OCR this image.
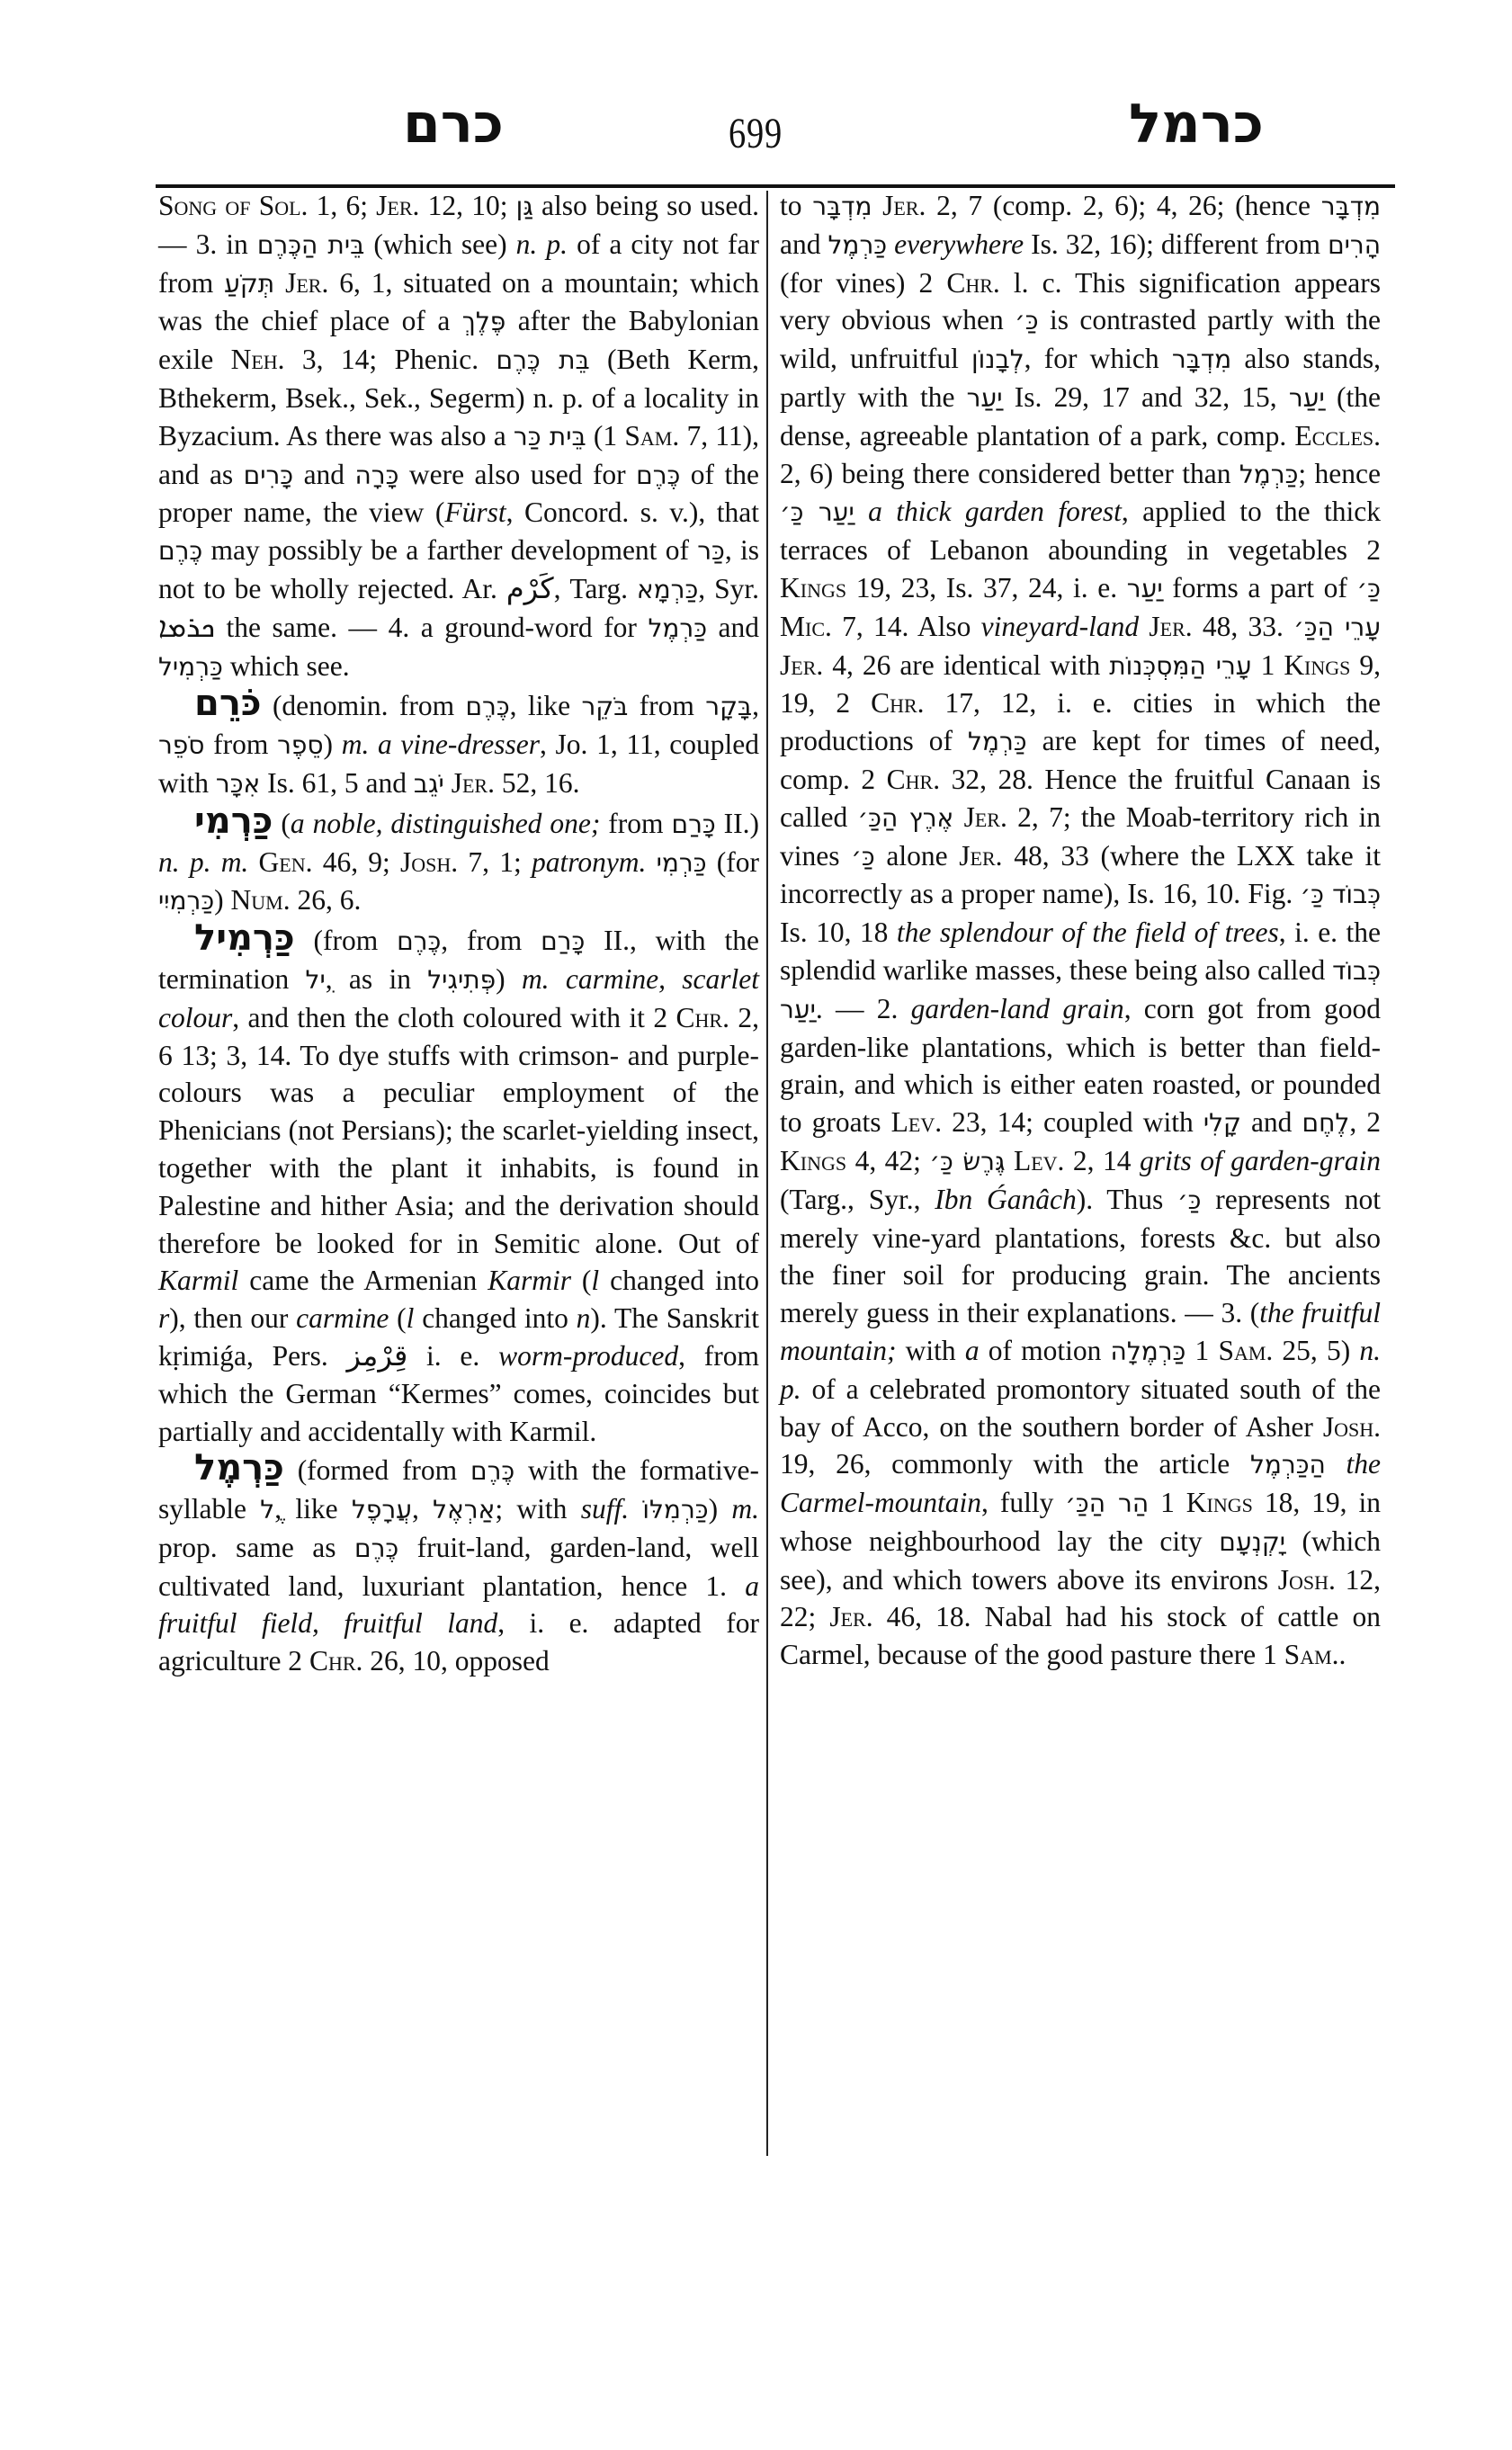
כרם	699	כרמל

Song of Sol. 1, 6; Jer. 12, 10; גַּן also being so used. — 3. in בֵּית הַכֶּרֶם (which see) n. p. of a city not far from תְּקֹעַ Jer. 6, 1, situated on a mountain; which was the chief place of a פֶּלֶךְ after the Babylonian exile Neh. 3, 14; Phenic. בֵּת כֶּרֶם (Beth Kerm, Bthekerm, Bsek., Sek., Segerm) n. p. of a locality in Byzacium. As there was also a בֵּית כַּר (1 Sam. 7, 11), and as כָּרִים and כָּרָה were also used for כֶּרֶם of the proper name, the view (Fürst, Concord. s. v.), that כֶּרֶם may possibly be a farther development of כַּר, is not to be wholly rejected. Ar. كَرْم, Targ. כַּרְמָא, Syr. ܟܪܡܐ the same. — 4. a ground-word for כַּרְמֶל and כַּרְמִיל which see.

כֹּרֵם (denomin. from כֶּרֶם, like בֹּקֵר from בָּקָר, סֹפֵר from סֵפֶר) m. a vine-dresser, Jo. 1, 11, coupled with אִכָּר Is. 61, 5 and יֹגֵב Jer. 52, 16.

כַּרְמִי (a noble, distinguished one; from כָּרַם II.) n. p. m. Gen. 46, 9; Josh. 7, 1; patronym. כַּרְמִי (for כַּרְמִיִי) Num. 26, 6.

כַּרְמִיל (from כֶּרֶם, from כָּרַם II., with the termination ִיל, as in פְּתִיגִיל) m. carmine, scarlet colour, and then the cloth coloured with it 2 Chr. 2, 6 13; 3, 14. To dye stuffs with crimson- and purple-colours was a peculiar employment of the Phenicians (not Persians); the scarlet-yielding insect, together with the plant it inhabits, is found in Palestine and hither Asia; and the derivation should therefore be looked for in Semitic alone. Out of Karmil came the Armenian Karmir (l changed into r), then our carmine (l changed into n). The Sanskrit kṛimiǵa, Pers. قِرْمِز i. e. worm-produced, from which the German “Kermes” comes, coincides but partially and accidentally with Karmil.

כַּרְמֶל (formed from כֶּרֶם with the formative-syllable ֶל, like עֲרָפֶל, אַרְאֶל; with suff. כַּרְמִלּוֹ) m. prop. same as כֶּרֶם fruit-land, garden-land, well cultivated land, luxuriant plantation, hence 1. a fruitful field, fruitful land, i. e. adapted for agriculture 2 Chr. 26, 10, opposed

to מִדְבָּר Jer. 2, 7 (comp. 2, 6); 4, 26; (hence מִדְבָּר and כַּרְמֶל everywhere Is. 32, 16); different from הָרִים (for vines) 2 Chr. l. c. This signification appears very obvious when כַּ׳ is contrasted partly with the wild, unfruitful לְבָנוֹן, for which מִדְבָּר also stands, partly with the יַעַר Is. 29, 17 and 32, 15, יַעַר (the dense, agreeable plantation of a park, comp. Eccles. 2, 6) being there considered better than כַּרְמֶל; hence יַעַר כַּ׳ a thick garden forest, applied to the thick terraces of Lebanon abounding in vegetables 2 Kings 19, 23, Is. 37, 24, i. e. יַעַר forms a part of כַּ׳ Mic. 7, 14. Also vineyard-land Jer. 48, 33. עָרֵי הַכַּ׳ Jer. 4, 26 are identical with עָרֵי הַמִּסְכְּנוֹת 1 Kings 9, 19, 2 Chr. 17, 12, i. e. cities in which the productions of כַּרְמֶל are kept for times of need, comp. 2 Chr. 32, 28. Hence the fruitful Canaan is called אֶרֶץ הַכַּ׳ Jer. 2, 7; the Moab-territory rich in vines כַּ׳ alone Jer. 48, 33 (where the LXX take it incorrectly as a proper name), Is. 16, 10. Fig. כְּבוֹד כַּ׳ Is. 10, 18 the splendour of the field of trees, i. e. the splendid warlike masses, these being also called כְּבוֹד יַעַר. — 2. garden-land grain, corn got from good garden-like plantations, which is better than field-grain, and which is either eaten roasted, or pounded to groats Lev. 23, 14; coupled with קָלִי and לֶחֶם, 2 Kings 4, 42; גֶּרֶשׂ כַּ׳ Lev. 2, 14 grits of garden-grain (Targ., Syr., Ibn Ǵanâch). Thus כַּ׳ represents not merely vine-yard plantations, forests &c. but also the finer soil for producing grain. The ancients merely guess in their explanations. — 3. (the fruitful mountain; with a of motion כַּרְמֶלָה 1 Sam. 25, 5) n. p. of a celebrated promontory situated south of the bay of Acco, on the southern border of Asher Josh. 19, 26, commonly with the article הַכַּרְמֶל the Carmel-mountain, fully הַר הַכַּ׳ 1 Kings 18, 19, in whose neighbourhood lay the city יָקְנְעָם (which see), and which towers above its environs Josh. 12, 22; Jer. 46, 18. Nabal had his stock of cattle on Carmel, because of the good pasture there 1 Sam..
